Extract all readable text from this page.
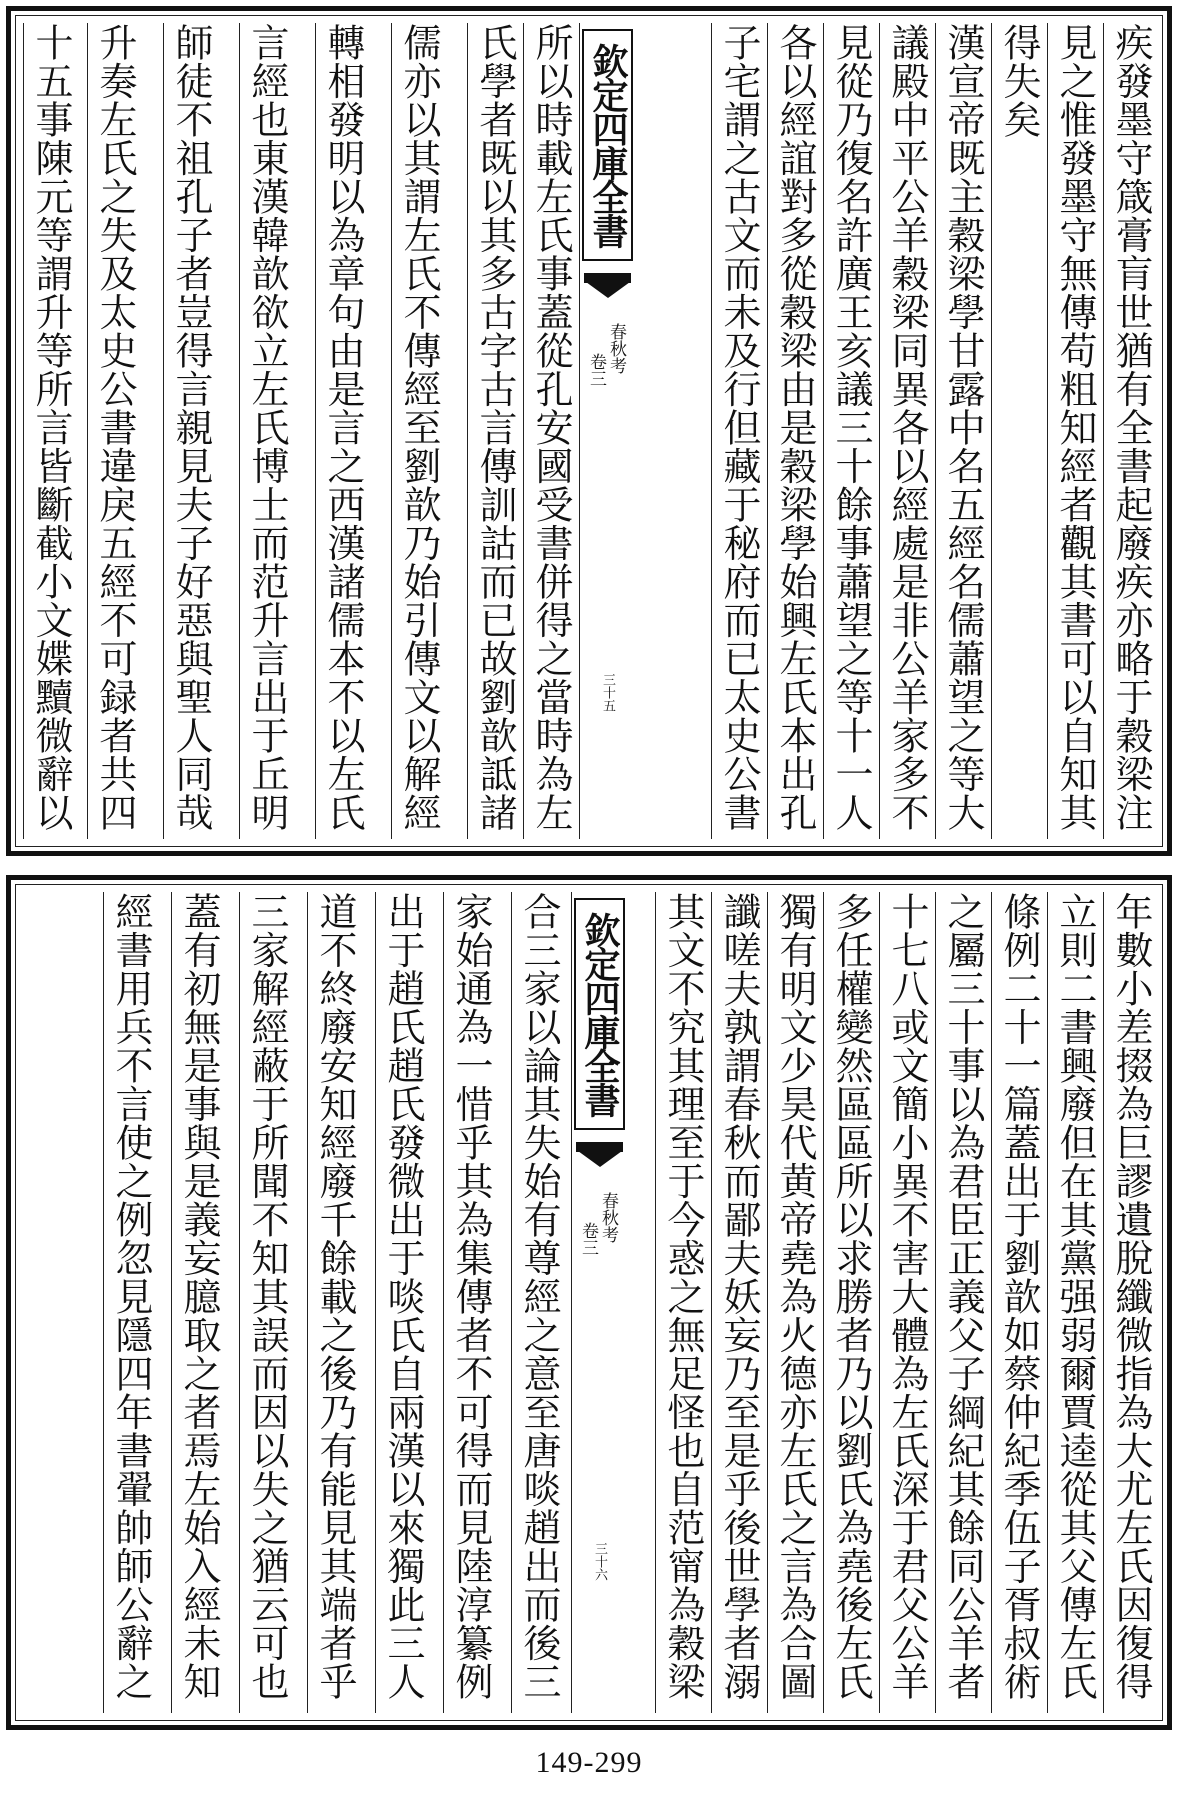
疾發墨守箴膏肓世猶有全書起廢疾亦略于穀梁注
見之惟發墨守無傳苟粗知經者觀其書可以自知其
得失矣
漢宣帝既主穀梁學甘露中名五經名儒蕭望之等大
議殿中平公羊穀梁同異各以經處是非公羊家多不
見從乃復名許廣王亥議三十餘事蕭望之等十一人
各以經誼對多從穀梁由是穀梁學始興左氏本出孔
子宅謂之古文而未及行但藏于秘府而已太史公書
欽定四庫全書
春秋考
卷三
三十五
所以時載左氏事蓋從孔安國受書併得之當時為左
氏學者既以其多古字古言傳訓詁而已故劉歆詆諸
儒亦以其謂左氏不傳經至劉歆乃始引傳文以解經
轉相發明以為章句由是言之西漢諸儒本不以左氏
言經也東漢韓歆欲立左氏博士而范升言出于丘明
師徒不祖孔子者豈得言親見夫子好惡與聖人同哉
升奏左氏之失及太史公書違戾五經不可録者共四
十五事陳元等謂升等所言皆斷截小文媟黷微辭以
年數小差掇為巨謬遺脫纖微指為大尤左氏因復得
立則二書興廢但在其黨强弱爾賈逵從其父傳左氏
條例二十一篇蓋出于劉歆如蔡仲紀季伍子胥叔術
之屬三十事以為君臣正義父子綱紀其餘同公羊者
十七八或文簡小異不害大體為左氏深于君父公羊
多任權變然區區所以求勝者乃以劉氏為堯後左氏
獨有明文少昊代黄帝堯為火德亦左氏之言為合圖
讖嗟夫孰謂春秋而鄙夫妖妄乃至是乎後世學者溺
其文不究其理至于今惑之無足怪也自范甯為穀梁
欽定四庫全書
春秋考
卷三
三十六
合三家以論其失始有尊經之意至唐啖趙出而後三
家始通為一惜乎其為集傳者不可得而見陸淳纂例
出于趙氏趙氏發微出于啖氏自兩漢以來獨此三人
道不終廢安知經廢千餘載之後乃有能見其端者乎
三家解經蔽于所聞不知其誤而因以失之猶云可也
蓋有初無是事與是義妄臆取之者焉左始入經未知
經書用兵不言使之例忽見隱四年書翬帥師公辭之
149-299
